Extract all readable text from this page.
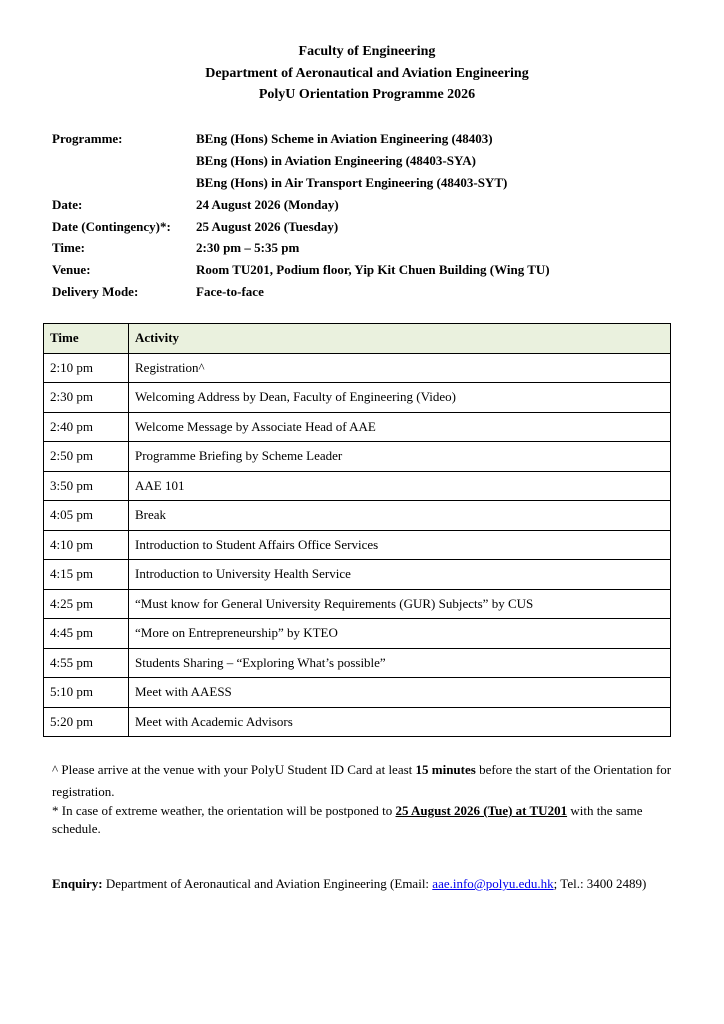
Faculty of Engineering
Department of Aeronautical and Aviation Engineering
PolyU Orientation Programme 2026
Programme:	BEng (Hons) Scheme in Aviation Engineering (48403)
BEng (Hons) in Aviation Engineering (48403-SYA)
BEng (Hons) in Air Transport Engineering (48403-SYT)
Date:	24 August 2026 (Monday)
Date (Contingency)*: 25 August 2026 (Tuesday)
Time:	2:30 pm – 5:35 pm
Venue:	Room TU201, Podium floor, Yip Kit Chuen Building (Wing TU)
Delivery Mode:	Face-to-face
Time	Activity
2:10 pm	Registration^
2:30 pm	Welcoming Address by Dean, Faculty of Engineering (Video)
2:40 pm	Welcome Message by Associate Head of AAE
2:50 pm	Programme Briefing by Scheme Leader
3:50 pm	AAE 101
4:05 pm	Break
4:10 pm	Introduction to Student Affairs Office Services
4:15 pm	Introduction to University Health Service
4:25 pm	“Must know for General University Requirements (GUR) Subjects” by CUS
4:45 pm	“More on Entrepreneurship” by KTEO
4:55 pm	Students Sharing – “Exploring What’s possible”
5:10 pm	Meet with AAESS
5:20 pm	Meet with Academic Advisors

^ Please arrive at the venue with your PolyU Student ID Card at least 15 minutes before the start of the Orientation for registration.

* In case of extreme weather, the orientation will be postponed to 25 August 2026 (Tue) at TU201 with the same schedule.

Enquiry: Department of Aeronautical and Aviation Engineering (Email: aae.info@polyu.edu.hk; Tel.: 3400 2489)
